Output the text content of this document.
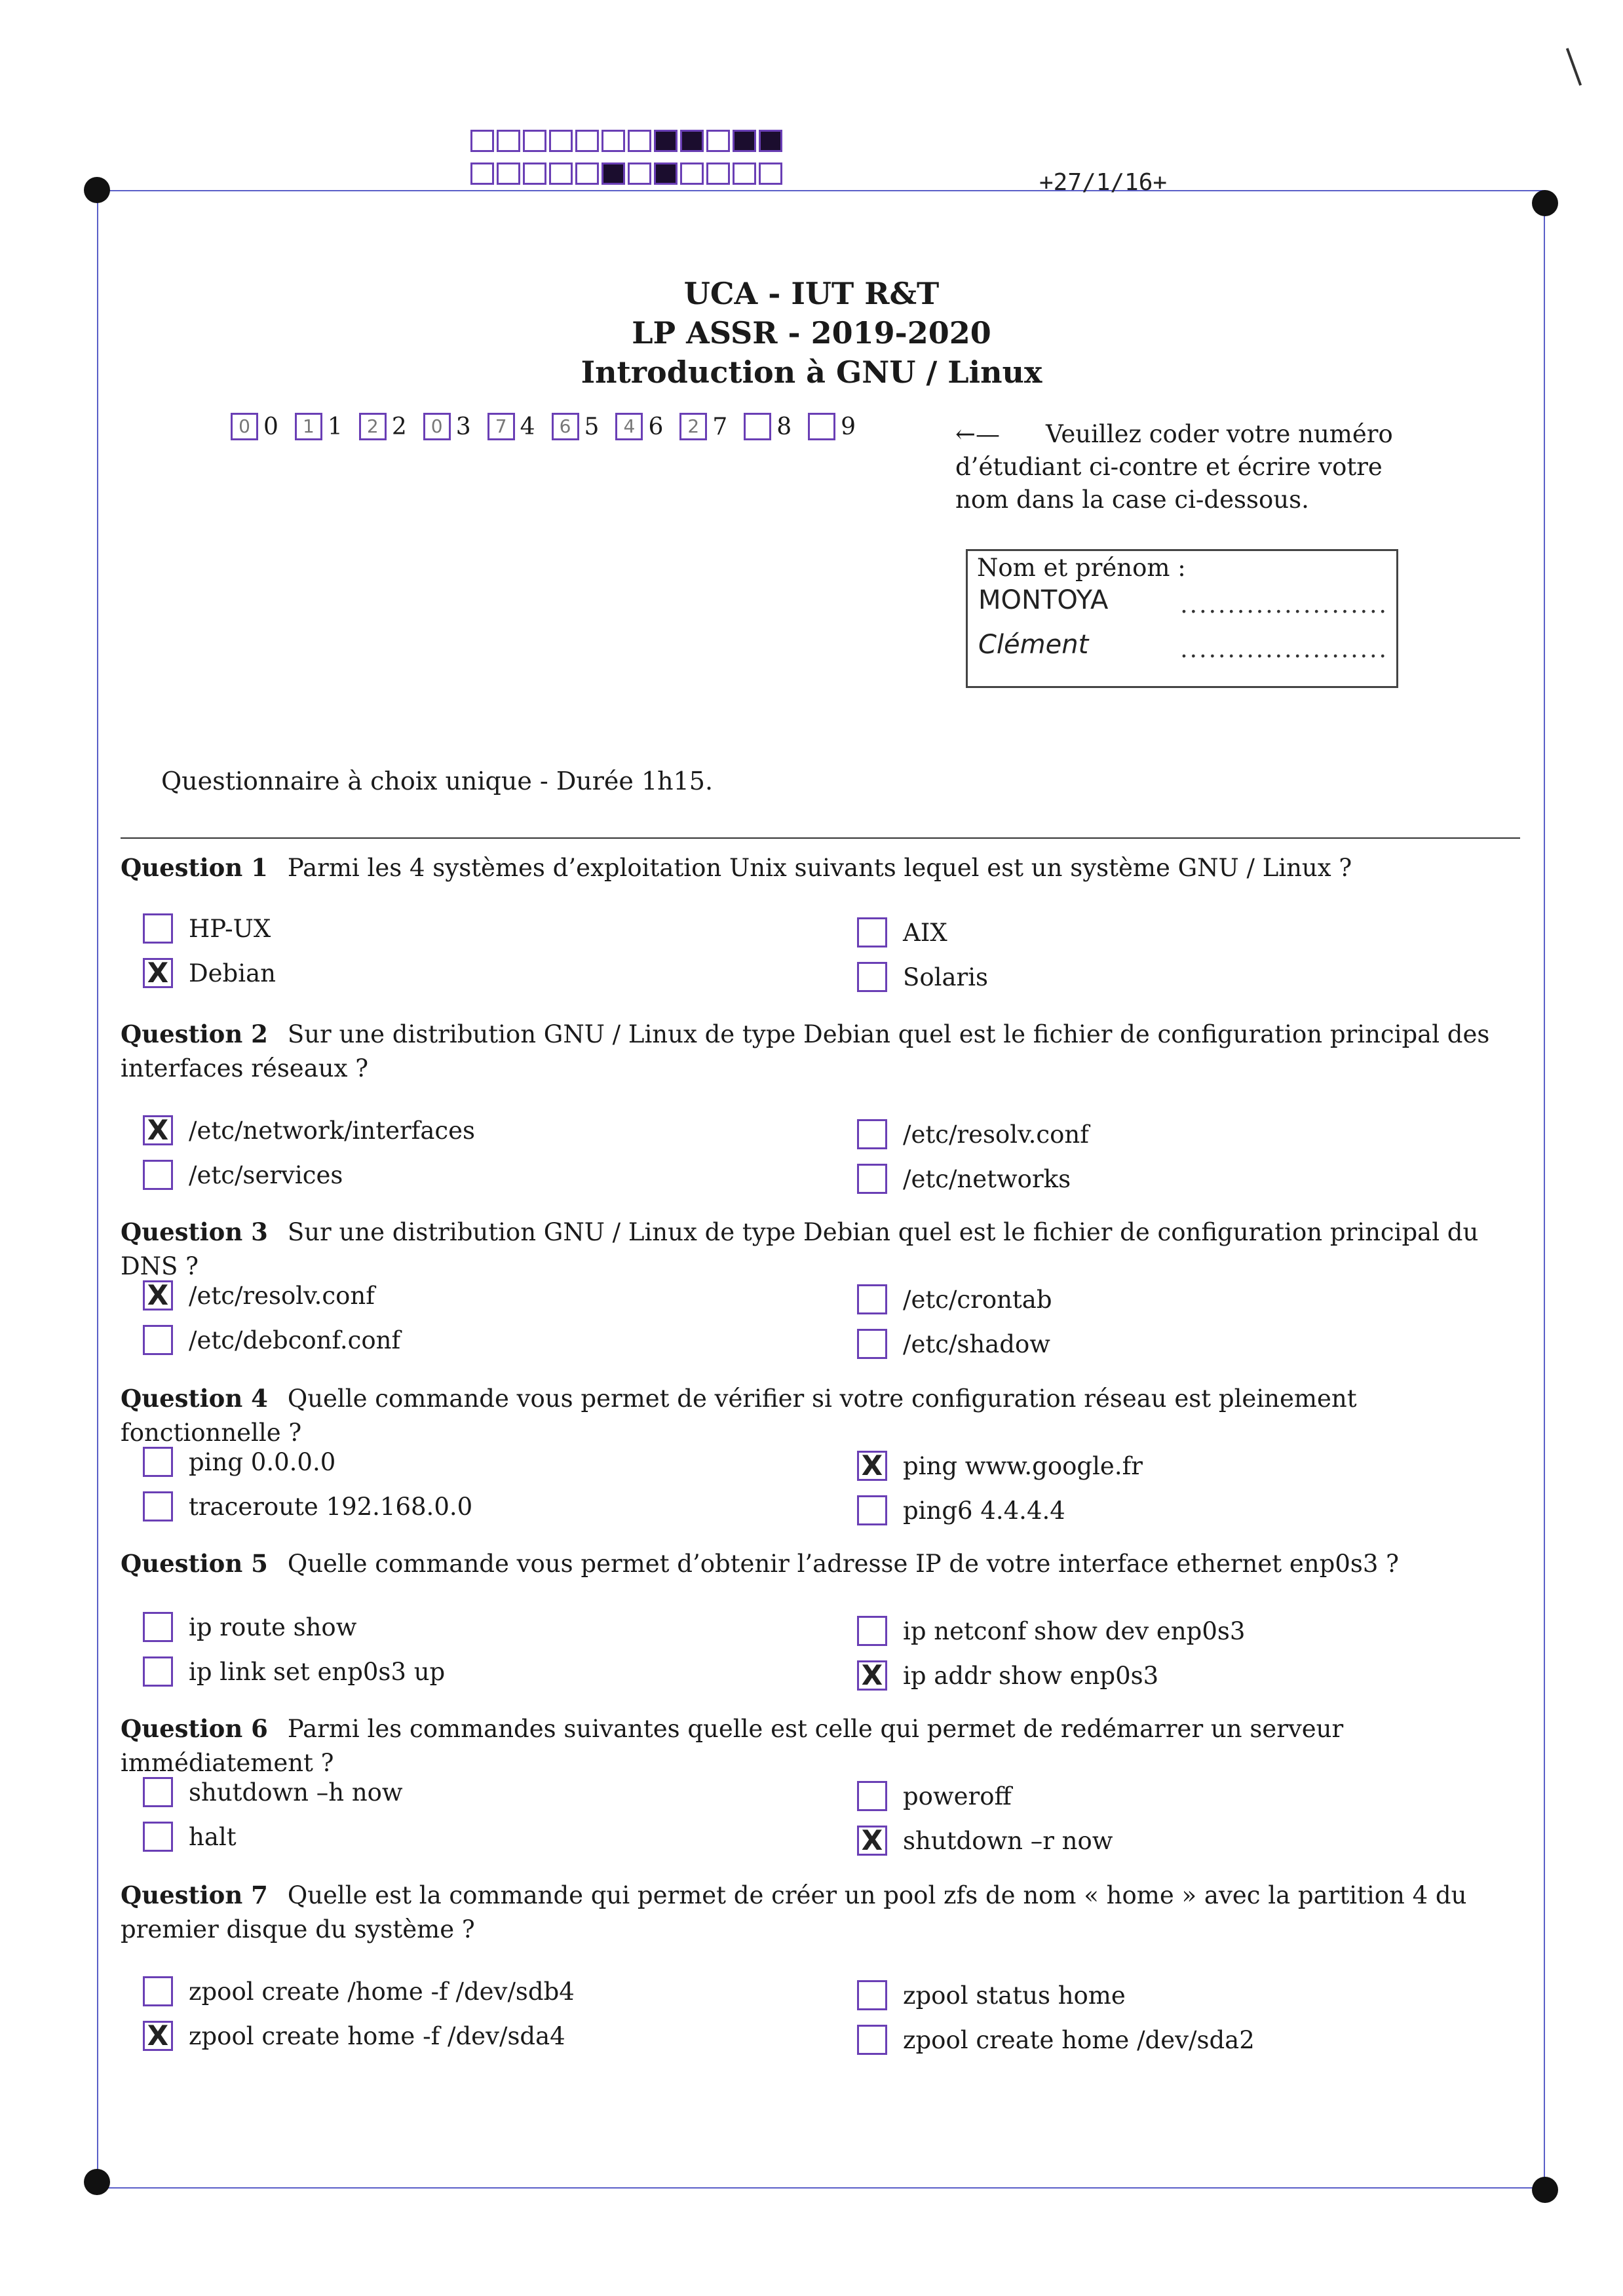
+27/1/16+
UCA - IUT R&T
LP ASSR - 2019-2020
Introduction à GNU / Linux
0 0	1 1	2 2	0 3	7 4	6 5	4 6	2 7 8 9	←— Veuillez coder votre numéro d’étudiant ci-contre et écrire votre nom dans la case ci-dessous.
Nom et prénom :
MONTOYA	......................
Clément	......................
Questionnaire à choix unique - Durée 1h15.
Question 1 Parmi les 4 systèmes d’exploitation Unix suivants lequel est un système GNU / Linux ?
HP-UX	AIX
X Debian	Solaris
Question 2 Sur une distribution GNU / Linux de type Debian quel est le fichier de configuration principal des interfaces réseaux ?
X /etc/network/interfaces	/etc/resolv.conf
/etc/services	/etc/networks
Question 3 Sur une distribution GNU / Linux de type Debian quel est le fichier de configuration principal du DNS ?
X /etc/resolv.conf	/etc/crontab
/etc/debconf.conf	/etc/shadow
Question 4 Quelle commande vous permet de vérifier si votre configuration réseau est pleinement fonctionnelle ?
ping 0.0.0.0	X ping www.google.fr
traceroute 192.168.0.0	ping6 4.4.4.4
Question 5 Quelle commande vous permet d’obtenir l’adresse IP de votre interface ethernet enp0s3 ?
ip route show	ip netconf show dev enp0s3
ip link set enp0s3 up	X ip addr show enp0s3
Question 6 Parmi les commandes suivantes quelle est celle qui permet de redémarrer un serveur immédiatement ?
shutdown –h now	poweroff
halt	X shutdown –r now
Question 7 Quelle est la commande qui permet de créer un pool zfs de nom « home » avec la partition 4 du premier disque du système ?
zpool create /home -f /dev/sdb4	zpool status home
X zpool create home -f /dev/sda4	zpool create home /dev/sda2
